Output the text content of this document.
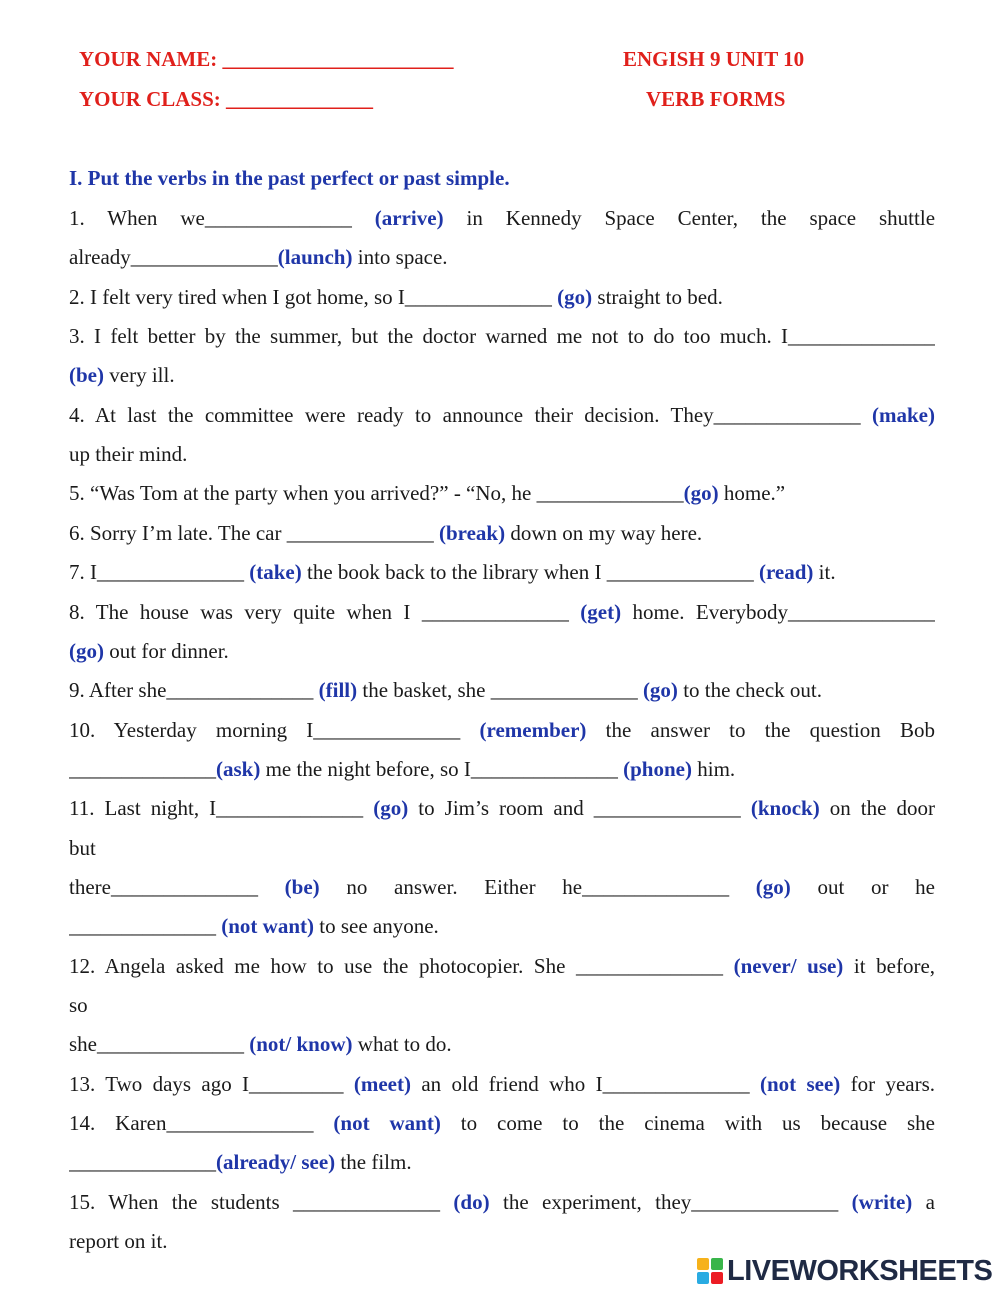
YOUR NAME: ______________________
YOUR CLASS: ______________
ENGISH 9 UNIT 10
VERB FORMS
I. Put the verbs in the past perfect or past simple.
1. When we______________ (arrive) in Kennedy Space Center, the space shuttle
already______________(launch) into space.
2. I felt very tired when I got home, so I______________ (go) straight to bed.
3. I felt better by the summer, but the doctor warned me not to do too much. I______________
(be) very ill.
4. At last the committee were ready to announce their decision. They______________ (make)
up their mind.
5. “Was Tom at the party when you arrived?” - “No, he ______________(go) home.”
6. Sorry I’m late. The car ______________ (break) down on my way here.
7. I______________ (take) the book back to the library when I ______________ (read) it.
8. The house was very quite when I ______________ (get) home. Everybody______________
(go) out for dinner.
9. After she______________ (fill) the basket, she ______________ (go) to the check out.
10. Yesterday morning I______________ (remember) the answer to the question Bob
______________(ask) me the night before, so I______________ (phone) him.
11. Last night, I______________ (go) to Jim’s room and ______________ (knock) on the door
but
there______________ (be) no answer. Either he______________ (go) out or he
______________ (not want) to see anyone.
12. Angela asked me how to use the photocopier. She ______________ (never/ use) it before,
so
she______________ (not/ know) what to do.
13. Two days ago I_________ (meet) an old friend who I______________ (not see) for years.
14. Karen______________ (not want) to come to the cinema with us because she
______________(already/ see) the film.
15. When the students ______________ (do) the experiment, they______________ (write) a
report on it.
LIVEWORKSHEETS
